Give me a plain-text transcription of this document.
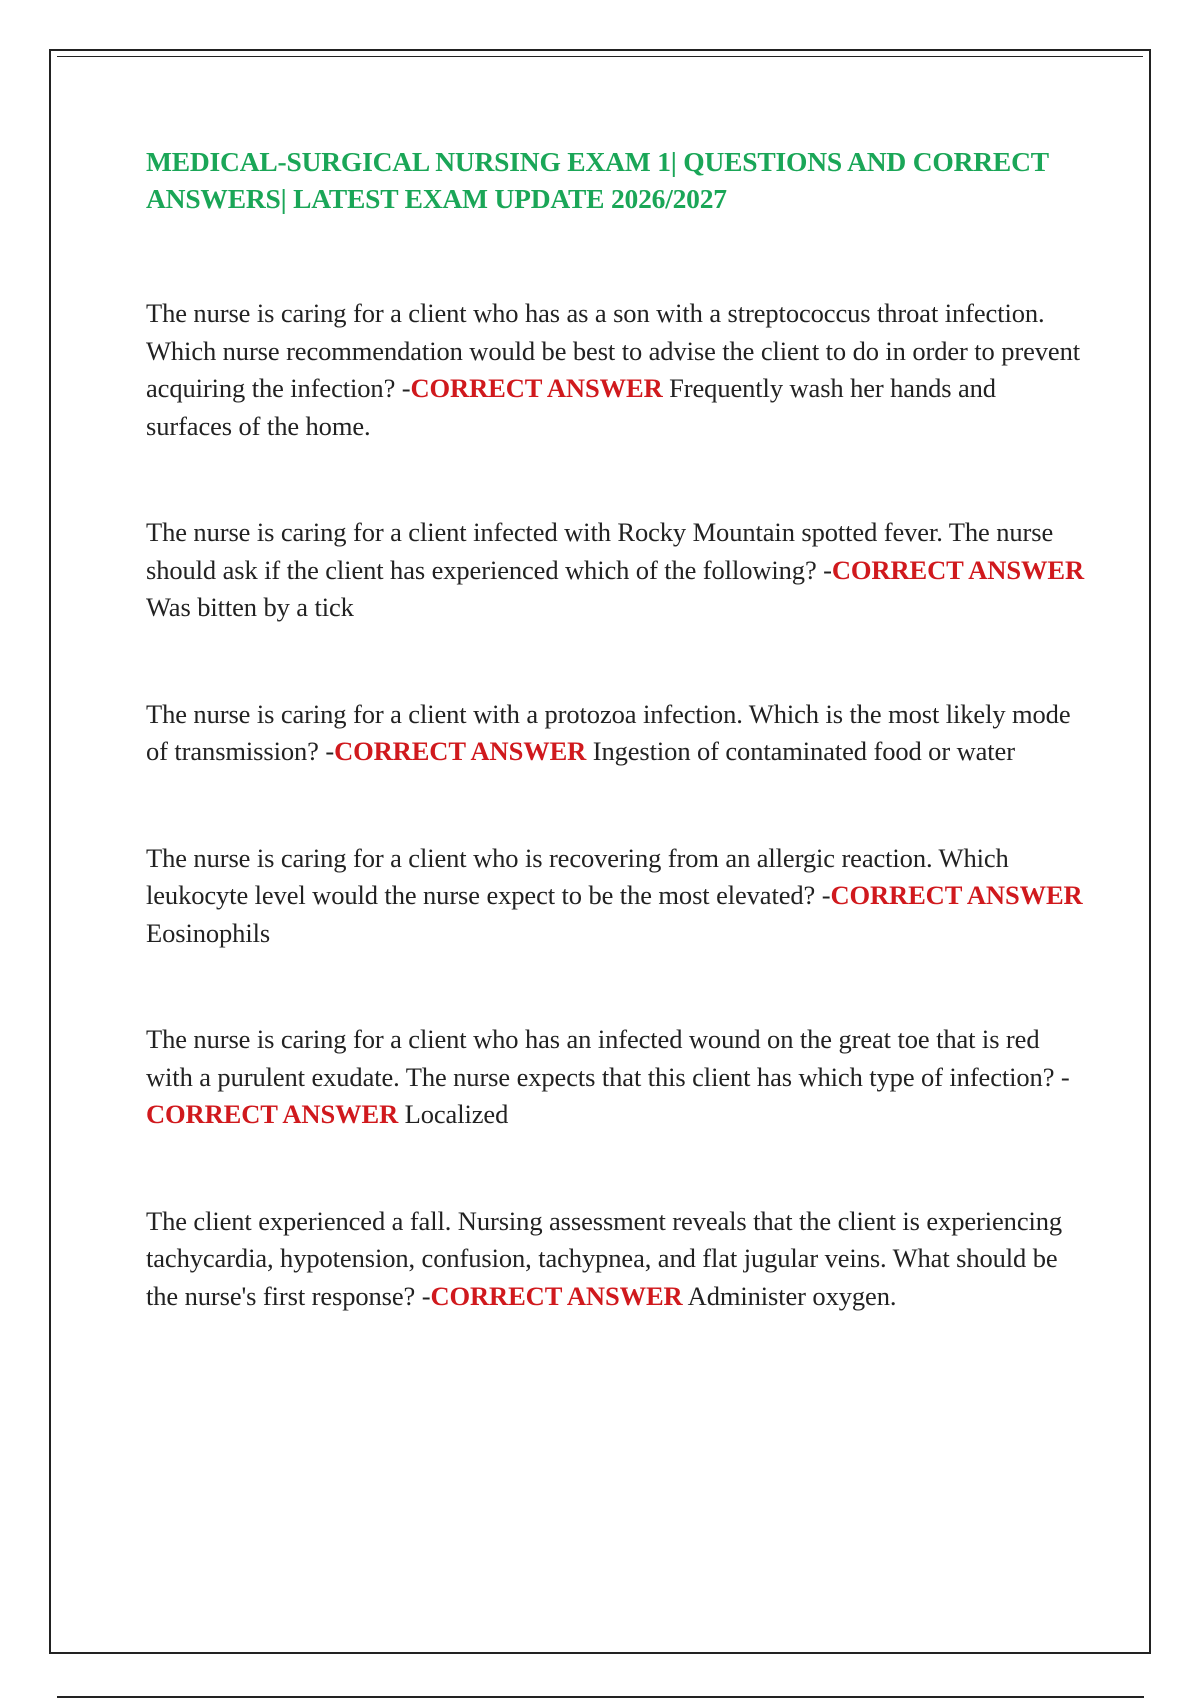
MEDICAL-SURGICAL NURSING EXAM 1| QUESTIONS AND CORRECT ANSWERS| LATEST EXAM UPDATE 2026/2027

The nurse is caring for a client who has as a son with a streptococcus throat infection. Which nurse recommendation would be best to advise the client to do in order to prevent acquiring the infection? -CORRECT ANSWER Frequently wash her hands and surfaces of the home.

The nurse is caring for a client infected with Rocky Mountain spotted fever. The nurse should ask if the client has experienced which of the following? -CORRECT ANSWER Was bitten by a tick

The nurse is caring for a client with a protozoa infection. Which is the most likely mode of transmission? -CORRECT ANSWER Ingestion of contaminated food or water

The nurse is caring for a client who is recovering from an allergic reaction. Which leukocyte level would the nurse expect to be the most elevated? -CORRECT ANSWER Eosinophils

The nurse is caring for a client who has an infected wound on the great toe that is red with a purulent exudate. The nurse expects that this client has which type of infection? -CORRECT ANSWER Localized

The client experienced a fall. Nursing assessment reveals that the client is experiencing tachycardia, hypotension, confusion, tachypnea, and flat jugular veins. What should be the nurse's first response? -CORRECT ANSWER Administer oxygen.
